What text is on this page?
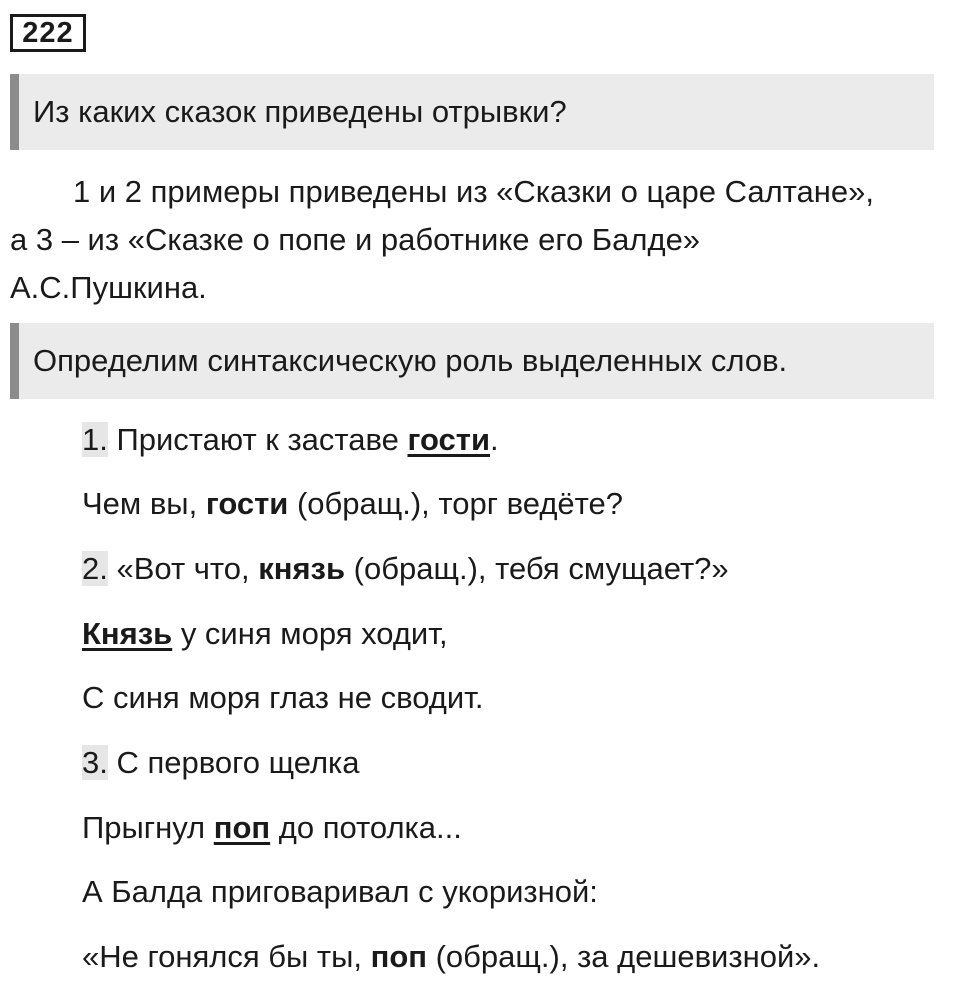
222
Из каких сказок приведены отрывки?

1 и 2 примеры приведены из «Сказки о царе Салтане»,

а 3 – из «Сказке о попе и работнике его Балде»

А.С.Пушкина.

Определим синтаксическую роль выделенных слов.
1. Пристают к заставе гости.
Чем вы, гости (обращ.), торг ведёте?
2. «Вот что, князь (обращ.), тебя смущает?»
Князь у синя моря ходит,
С синя моря глаз не сводит.
3. С первого щелка
Прыгнул поп до потолка...
А Балда приговаривал с укоризной:
«Не гонялся бы ты, поп (обращ.), за дешевизной».
